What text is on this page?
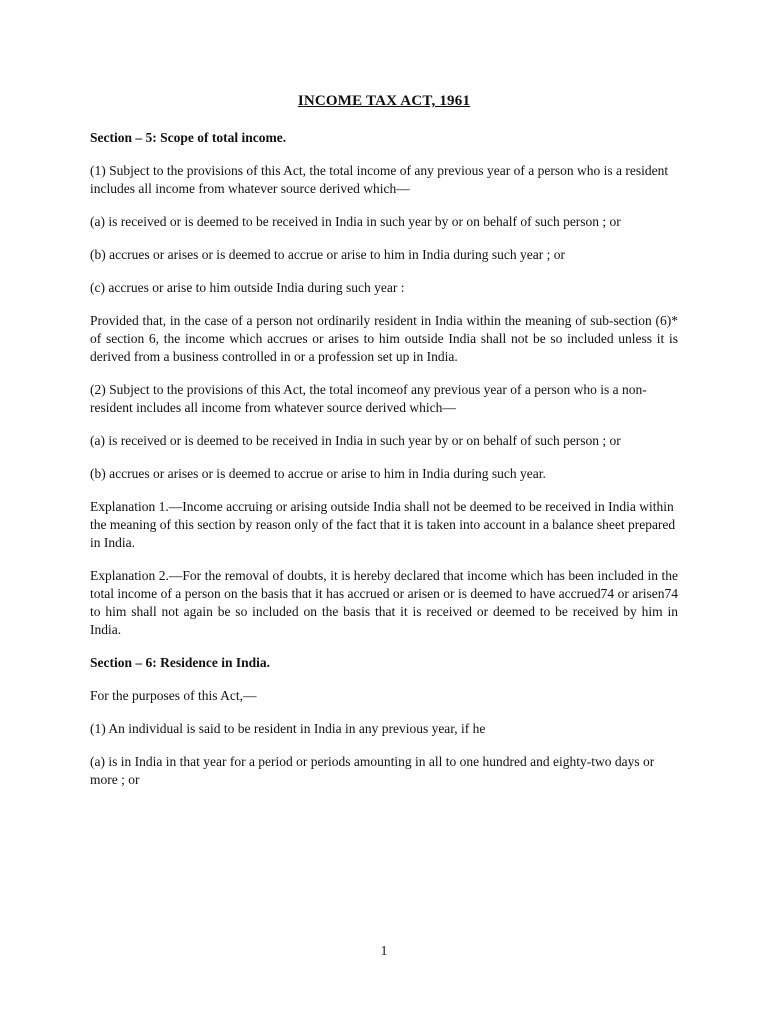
INCOME TAX ACT, 1961
Section – 5: Scope of total income.

(1) Subject to the provisions of this Act, the total income of any previous year of a person who is a resident includes all income from whatever source derived which—

(a) is received or is deemed to be received in India in such year by or on behalf of such person ; or

(b) accrues or arises or is deemed to accrue or arise to him in India during such year ; or

(c) accrues or arise to him outside India during such year :

Provided that, in the case of a person not ordinarily resident in India within the meaning of sub-section (6)* of section 6, the income which accrues or arises to him outside India shall not be so included unless it is derived from a business controlled in or a profession set up in India.

(2) Subject to the provisions of this Act, the total incomeof any previous year of a person who is a non-resident includes all income from whatever source derived which—

(a) is received or is deemed to be received in India in such year by or on behalf of such person ; or

(b) accrues or arises or is deemed to accrue or arise to him in India during such year.

Explanation 1.—Income accruing or arising outside India shall not be deemed to be received in India within the meaning of this section by reason only of the fact that it is taken into account in a balance sheet prepared in India.

Explanation 2.—For the removal of doubts, it is hereby declared that income which has been included in the total income of a person on the basis that it has accrued or arisen or is deemed to have accrued74 or arisen74 to him shall not again be so included on the basis that it is received or deemed to be received by him in India.

Section – 6: Residence in India.

For the purposes of this Act,—

(1) An individual is said to be resident in India in any previous year, if he

(a) is in India in that year for a period or periods amounting in all to one hundred and eighty-two days or more ; or

1
